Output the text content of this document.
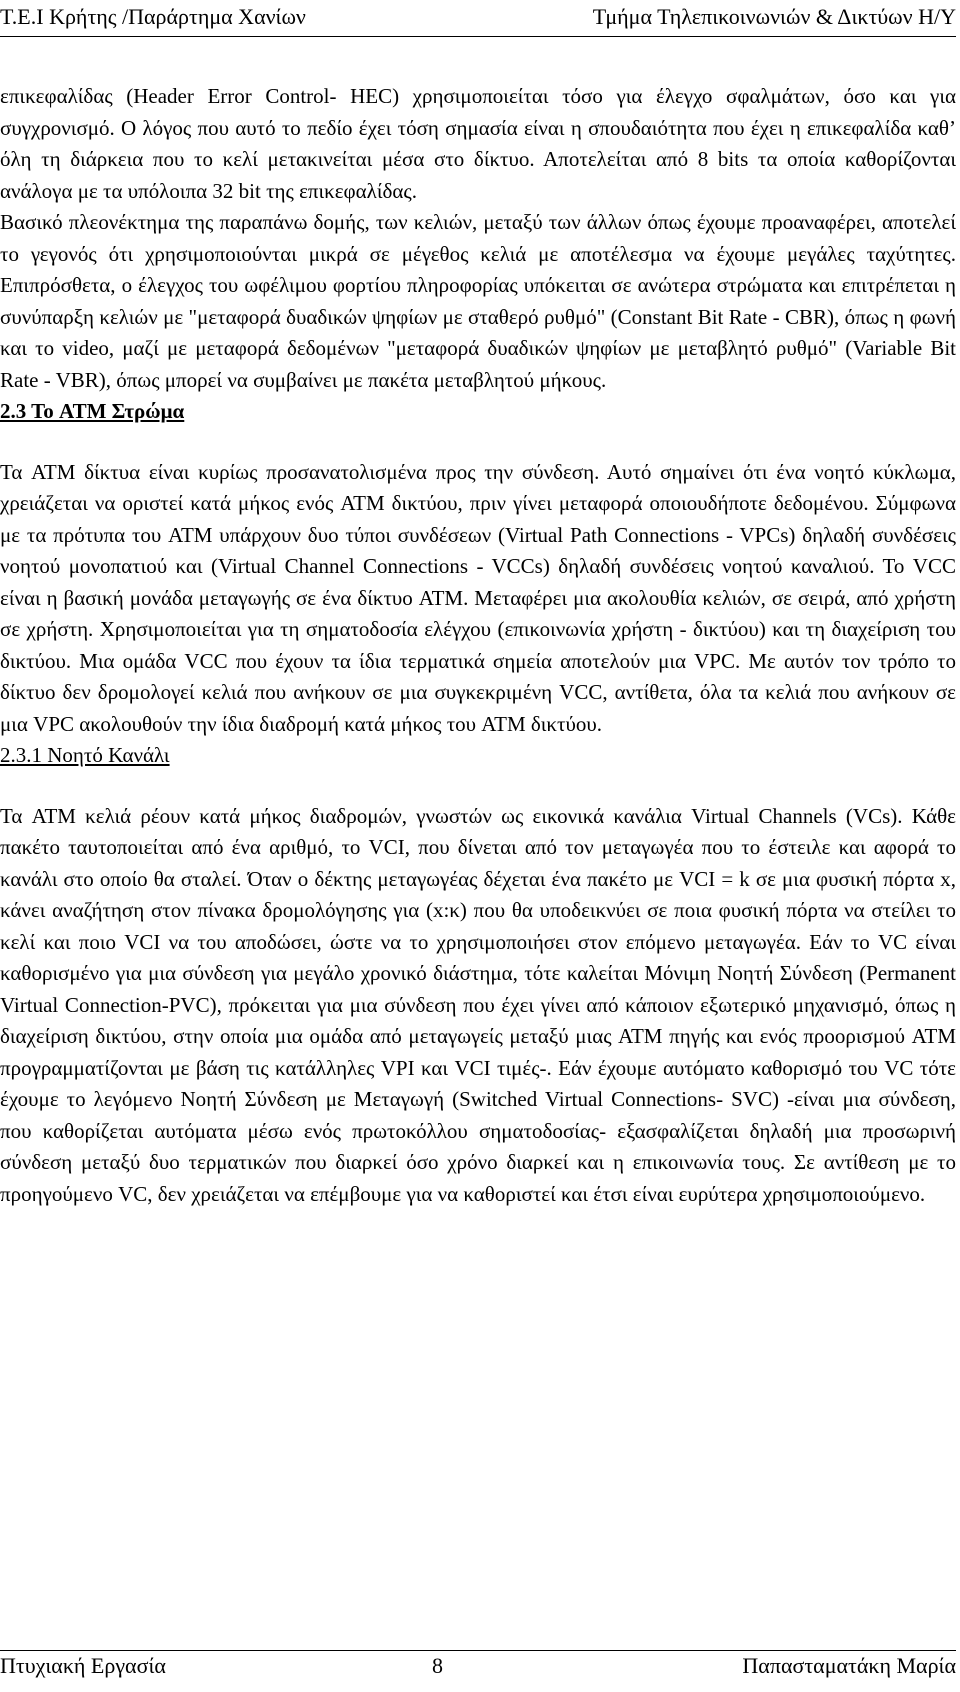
Τ.Ε.Ι Κρήτης /Παράρτημα Χανίων	Τμήμα Τηλεπικοινωνιών & Δικτύων Η/Υ

επικεφαλίδας (Header Error Control- HEC) χρησιμοποιείται τόσο για έλεγχο σφαλμάτων, όσο και για συγχρονισμό. Ο λόγος που αυτό το πεδίο έχει τόση σημασία είναι η σπουδαιότητα που έχει η επικεφαλίδα καθ’ όλη τη διάρκεια που το κελί μετακινείται μέσα στο δίκτυο. Αποτελείται από 8 bits τα οποία καθορίζονται ανάλογα με τα υπόλοιπα 32 bit της επικεφαλίδας.

Βασικό πλεονέκτημα της παραπάνω δομής, των κελιών, μεταξύ των άλλων όπως έχουμε προαναφέρει, αποτελεί το γεγονός ότι χρησιμοποιούνται μικρά σε μέγεθος κελιά με αποτέλεσμα να έχουμε μεγάλες ταχύτητες. Επιπρόσθετα, ο έλεγχος του ωφέλιμου φορτίου πληροφορίας υπόκειται σε ανώτερα στρώματα και επιτρέπεται η συνύπαρξη κελιών με "μεταφορά δυαδικών ψηφίων με σταθερό ρυθμό" (Constant Bit Rate - CBR), όπως η φωνή και το video, μαζί με μεταφορά δεδομένων "μεταφορά δυαδικών ψηφίων με μεταβλητό ρυθμό" (Variable Bit Rate - VBR), όπως μπορεί να συμβαίνει με πακέτα μεταβλητού μήκους.

2.3 Το ATM Στρώμα

Τα ATM δίκτυα είναι κυρίως προσανατολισμένα προς την σύνδεση. Αυτό σημαίνει ότι ένα νοητό κύκλωμα, χρειάζεται να οριστεί κατά μήκος ενός ATM δικτύου, πριν γίνει μεταφορά οποιουδήποτε δεδομένου. Σύμφωνα με τα πρότυπα του ATM υπάρχουν δυο τύποι συνδέσεων (Virtual Path Connections - VPCs) δηλαδή συνδέσεις νοητού μονοπατιού και (Virtual Channel Connections - VCCs) δηλαδή συνδέσεις νοητού καναλιού. Το VCC είναι η βασική μονάδα μεταγωγής σε ένα δίκτυο ATM. Μεταφέρει μια ακολουθία κελιών, σε σειρά, από χρήστη σε χρήστη. Χρησιμοποιείται για τη σηματοδοσία ελέγχου (επικοινωνία χρήστη - δικτύου) και τη διαχείριση του δικτύου. Μια ομάδα VCC που έχουν τα ίδια τερματικά σημεία αποτελούν μια VPC. Με αυτόν τον τρόπο το δίκτυο δεν δρομολογεί κελιά που ανήκουν σε μια συγκεκριμένη VCC, αντίθετα, όλα τα κελιά που ανήκουν σε μια VPC ακολουθούν την ίδια διαδρομή κατά μήκος του ATM δικτύου.

2.3.1 Νοητό Κανάλι

Τα ATM κελιά ρέουν κατά μήκος διαδρομών, γνωστών ως εικονικά κανάλια Virtual Channels (VCs). Κάθε πακέτο ταυτοποιείται από ένα αριθμό, το VCI, που δίνεται από τον μεταγωγέα που το έστειλε και αφορά το κανάλι στο οποίο θα σταλεί. Όταν ο δέκτης μεταγωγέας δέχεται ένα πακέτο με VCI = k σε μια φυσική πόρτα x, κάνει αναζήτηση στον πίνακα δρομολόγησης για (x:κ) που θα υποδεικνύει σε ποια φυσική πόρτα να στείλει το κελί και ποιο VCI να του αποδώσει, ώστε να το χρησιμοποιήσει στον επόμενο μεταγωγέα. Εάν το VC είναι καθορισμένο για μια σύνδεση για μεγάλο χρονικό διάστημα, τότε καλείται Μόνιμη Νοητή Σύνδεση (Permanent Virtual Connection-PVC), πρόκειται για μια σύνδεση που έχει γίνει από κάποιον εξωτερικό μηχανισμό, όπως η διαχείριση δικτύου, στην οποία μια ομάδα από μεταγωγείς μεταξύ μιας ATM πηγής και ενός προορισμού ATM προγραμματίζονται με βάση τις κατάλληλες VPI και VCI τιμές-. Εάν έχουμε αυτόματο καθορισμό του VC τότε έχουμε το λεγόμενο Νοητή Σύνδεση με Μεταγωγή (Switched Virtual Connections- SVC) -είναι μια σύνδεση, που καθορίζεται αυτόματα μέσω ενός πρωτοκόλλου σηματοδοσίας- εξασφαλίζεται δηλαδή μια προσωρινή σύνδεση μεταξύ δυο τερματικών που διαρκεί όσο χρόνο διαρκεί και η επικοινωνία τους. Σε αντίθεση με το προηγούμενο VC, δεν χρειάζεται να επέμβουμε για να καθοριστεί και έτσι είναι ευρύτερα χρησιμοποιούμενο.

Πτυχιακή Εργασία	8	Παπασταματάκη Μαρία
